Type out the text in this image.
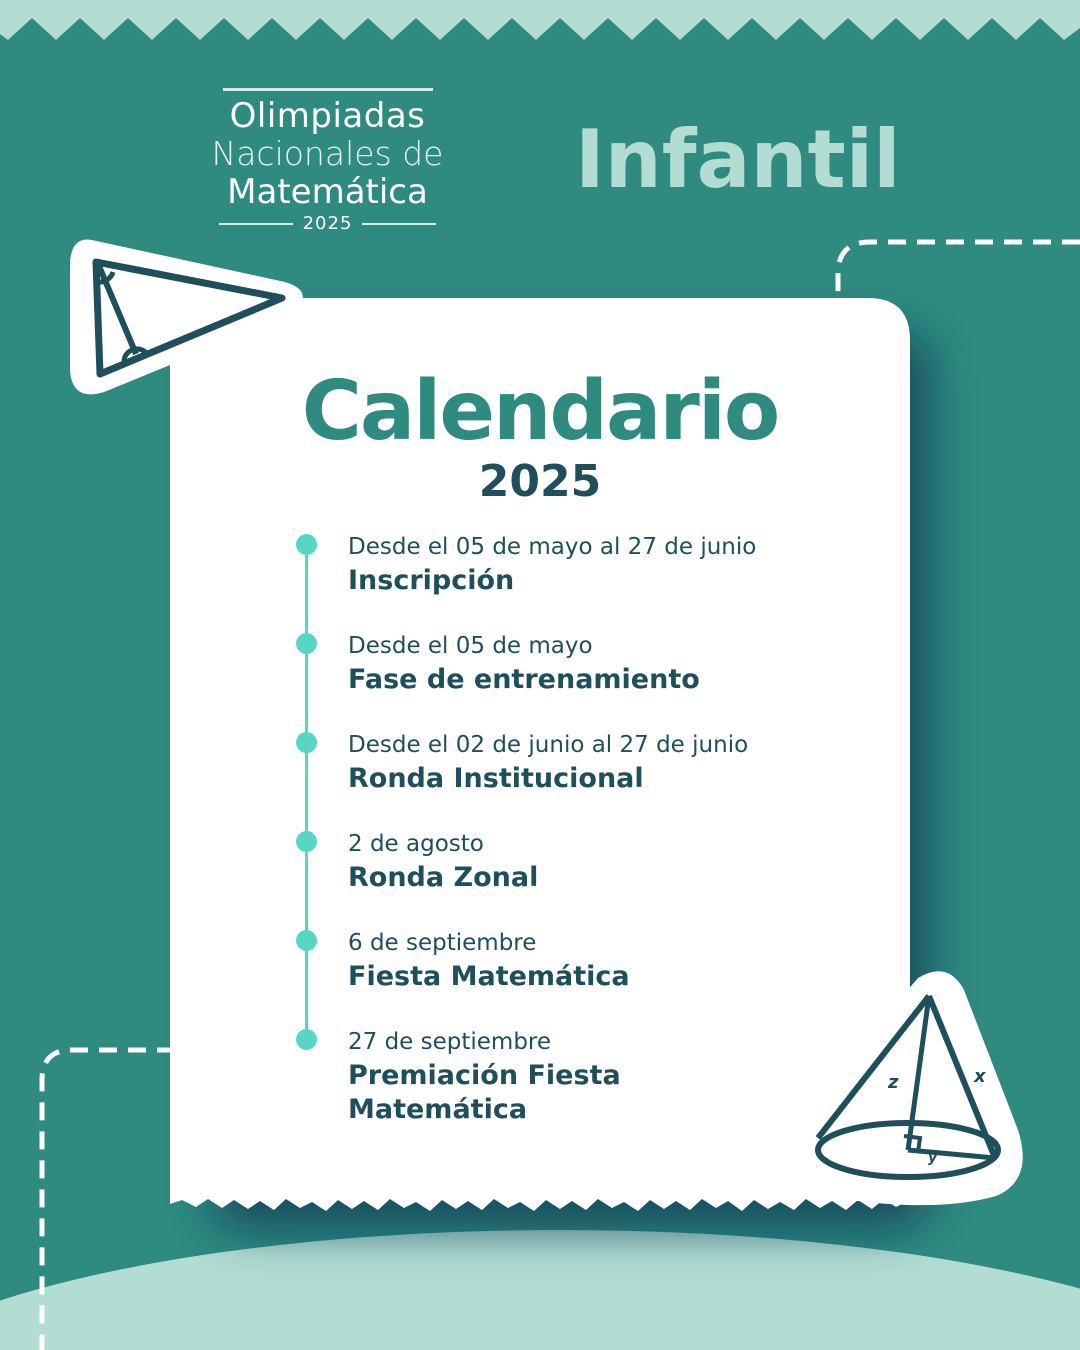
z	x
y
Olimpiadas
Nacionales de
Matemática
2025
Infantil
Calendario
2025
Desde el 05 de mayo al 27 de junio
Inscripción
Desde el 05 de mayo
Fase de entrenamiento
Desde el 02 de junio al 27 de junio
Ronda Institucional
2 de agosto
Ronda Zonal
6 de septiembre
Fiesta Matemática
27 de septiembre
Premiación Fiesta Matemática
